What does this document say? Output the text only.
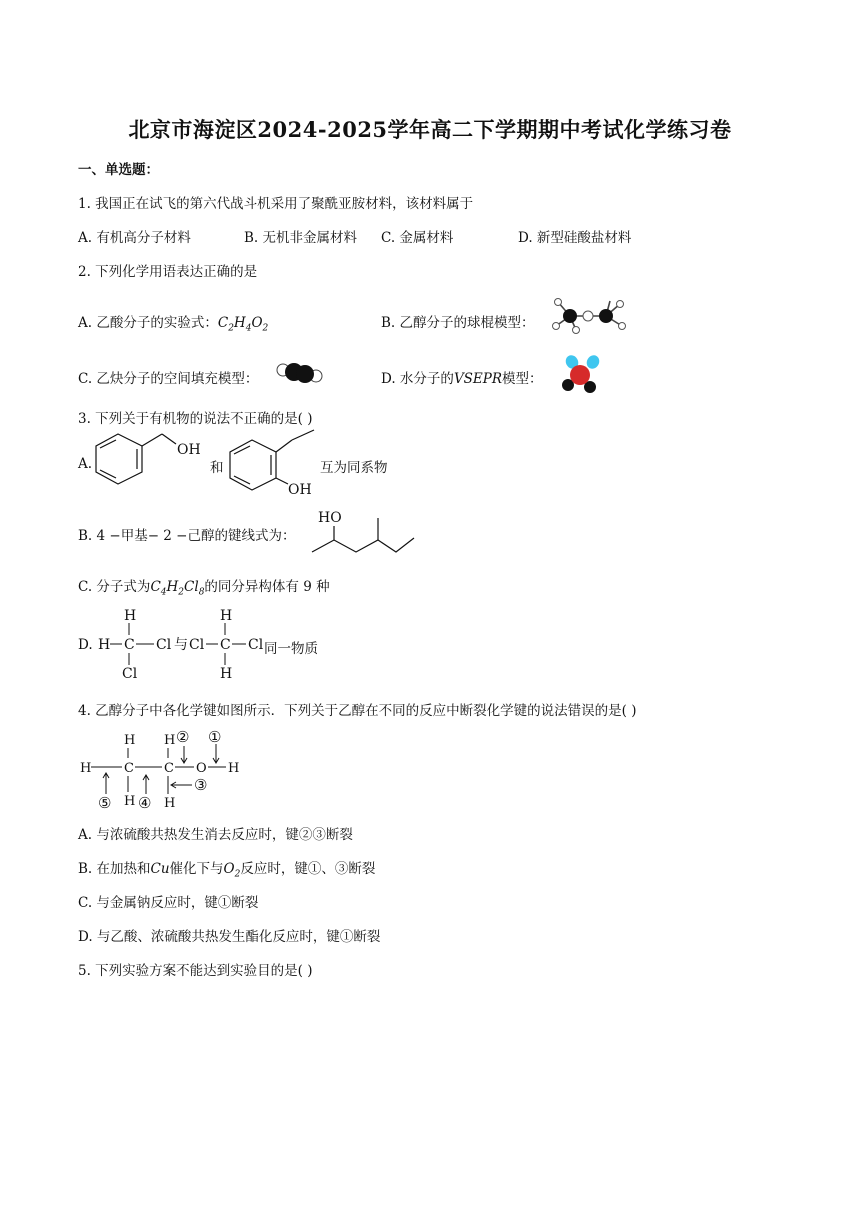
北京市海淀区2024-2025学年高二下学期期中考试化学练习卷
一、单选题：
1. 我国正在试飞的第六代战斗机采用了聚酰亚胺材料，该材料属于
A. 有机高分子材料	B. 无机非金属材料 C. 金属材料	D. 新型硅酸盐材料
2. 下列化学用语表达正确的是
A. 乙酸分子的实验式：$C_2H_4O_2$	B. 乙醇分子的球棍模型：
C. 乙炔分子的空间填充模型：	D. 水分子的VSEPR模型：
3. 下列关于有机物的说法不正确的是( )
A.
OH
和
OH
互为同系物
B. 4 −甲基− 2 −己醇的键线式为：
HO
C. 分子式为$C_4H_2Cl_8$的同分异构体有 9 种
D.
H
H C Cl
Cl
与
H
Cl C Cl
H
同一物质
4. 乙醇分子中各化学键如图所示．下列关于乙醇在不同的反应中断裂化学键的说法错误的是( )
H
H
C
H
H
C
H
O H
② ①
③
④
⑤
A. 与浓硫酸共热发生消去反应时，键②③断裂
B. 在加热和Cu催化下与$O_2$反应时，键①、③断裂
C. 与金属钠反应时，键①断裂
D. 与乙酸、浓硫酸共热发生酯化反应时，键①断裂
5. 下列实验方案不能达到实验目的是( )
